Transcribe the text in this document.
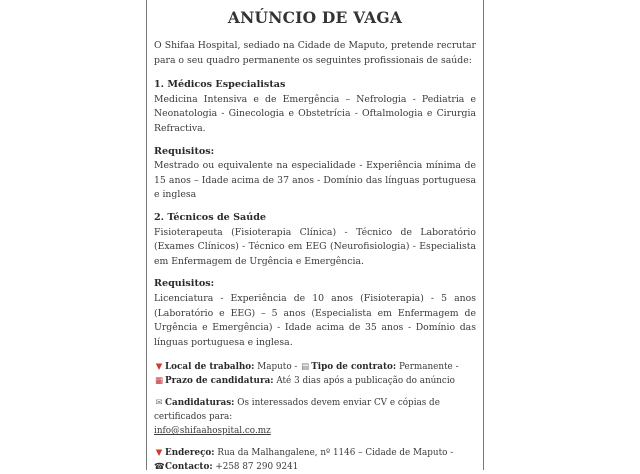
ANÚNCIO DE VAGA

O Shifaa Hospital, sediado na Cidade de Maputo, pretende recrutar para o seu quadro permanente os seguintes profissionais de saúde:

1. Médicos Especialistas

Medicina Intensiva e de Emergência – Nefrologia - Pediatria e Neonatologia - Ginecologia e Obstetrícia - Oftalmologia e Cirurgia Refractiva.

Requisitos:

Mestrado ou equivalente na especialidade - Experiência mínima de 15 anos – Idade acima de 37 anos - Domínio das línguas portuguesa e inglesa

2. Técnicos de Saúde

Fisioterapeuta (Fisioterapia Clínica) - Técnico de Laboratório (Exames Clínicos) - Técnico em EEG (Neurofisiologia) - Especialista em Enfermagem de Urgência e Emergência.

Requisitos:

Licenciatura - Experiência de 10 anos (Fisioterapia) - 5 anos (Laboratório e EEG) – 5 anos (Especialista em Enfermagem de Urgência e Emergência) - Idade acima de 35 anos - Domínio das línguas portuguesa e inglesa.

▼ Local de trabalho: Maputo - ▤ Tipo de contrato: Permanente -

▦ Prazo de candidatura: Até 3 dias após a publicação do anúncio

✉ Candidaturas: Os interessados devem enviar CV e cópias de certificados para:
info@shifaahospital.co.mz

▼ Endereço: Rua da Malhangalene, nº 1146 – Cidade de Maputo -

☎Contacto: +258 87 290 9241
